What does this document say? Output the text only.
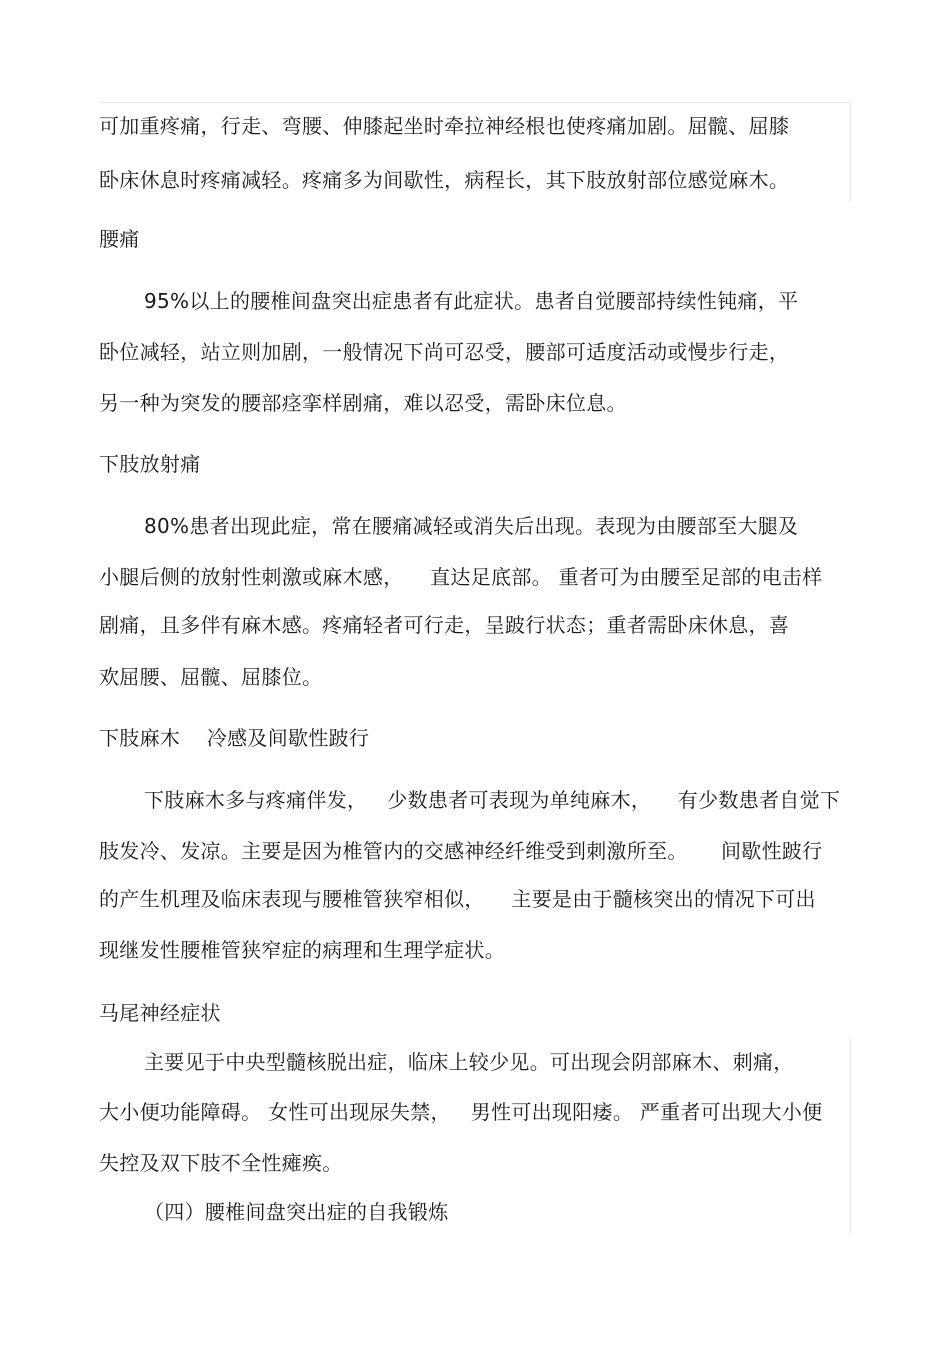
可加重疼痛，行走、弯腰、伸膝起坐时牵拉神经根也使疼痛加剧。屈髋、屈膝
卧床休息时疼痛减轻。疼痛多为间歇性，病程长，其下肢放射部位感觉麻木。
腰痛
95%以上的腰椎间盘突出症患者有此症状。患者自觉腰部持续性钝痛，平
卧位减轻，站立则加剧，一般情况下尚可忍受，腰部可适度活动或慢步行走，
另一种为突发的腰部痉挛样剧痛，难以忍受，需卧床位息。
下肢放射痛
80%患者出现此症，常在腰痛减轻或消失后出现。表现为由腰部至大腿及
小腿后侧的放射性刺激或麻木感，    直达足底部。 重者可为由腰至足部的电击样
剧痛，且多伴有麻木感。疼痛轻者可行走，呈跛行状态；重者需卧床休息，喜
欢屈腰、屈髋、屈膝位。
下肢麻木    冷感及间歇性跛行
下肢麻木多与疼痛伴发，   少数患者可表现为单纯麻木，    有少数患者自觉下
肢发冷、发凉。主要是因为椎管内的交感神经纤维受到刺激所至。     间歇性跛行
的产生机理及临床表现与腰椎管狭窄相似，    主要是由于髓核突出的情况下可出
现继发性腰椎管狭窄症的病理和生理学症状。
马尾神经症状
主要见于中央型髓核脱出症，临床上较少见。可出现会阴部麻木、刺痛，
大小便功能障碍。 女性可出现尿失禁，   男性可出现阳痿。 严重者可出现大小便
失控及双下肢不全性瘫痪。
（四）腰椎间盘突出症的自我锻炼
